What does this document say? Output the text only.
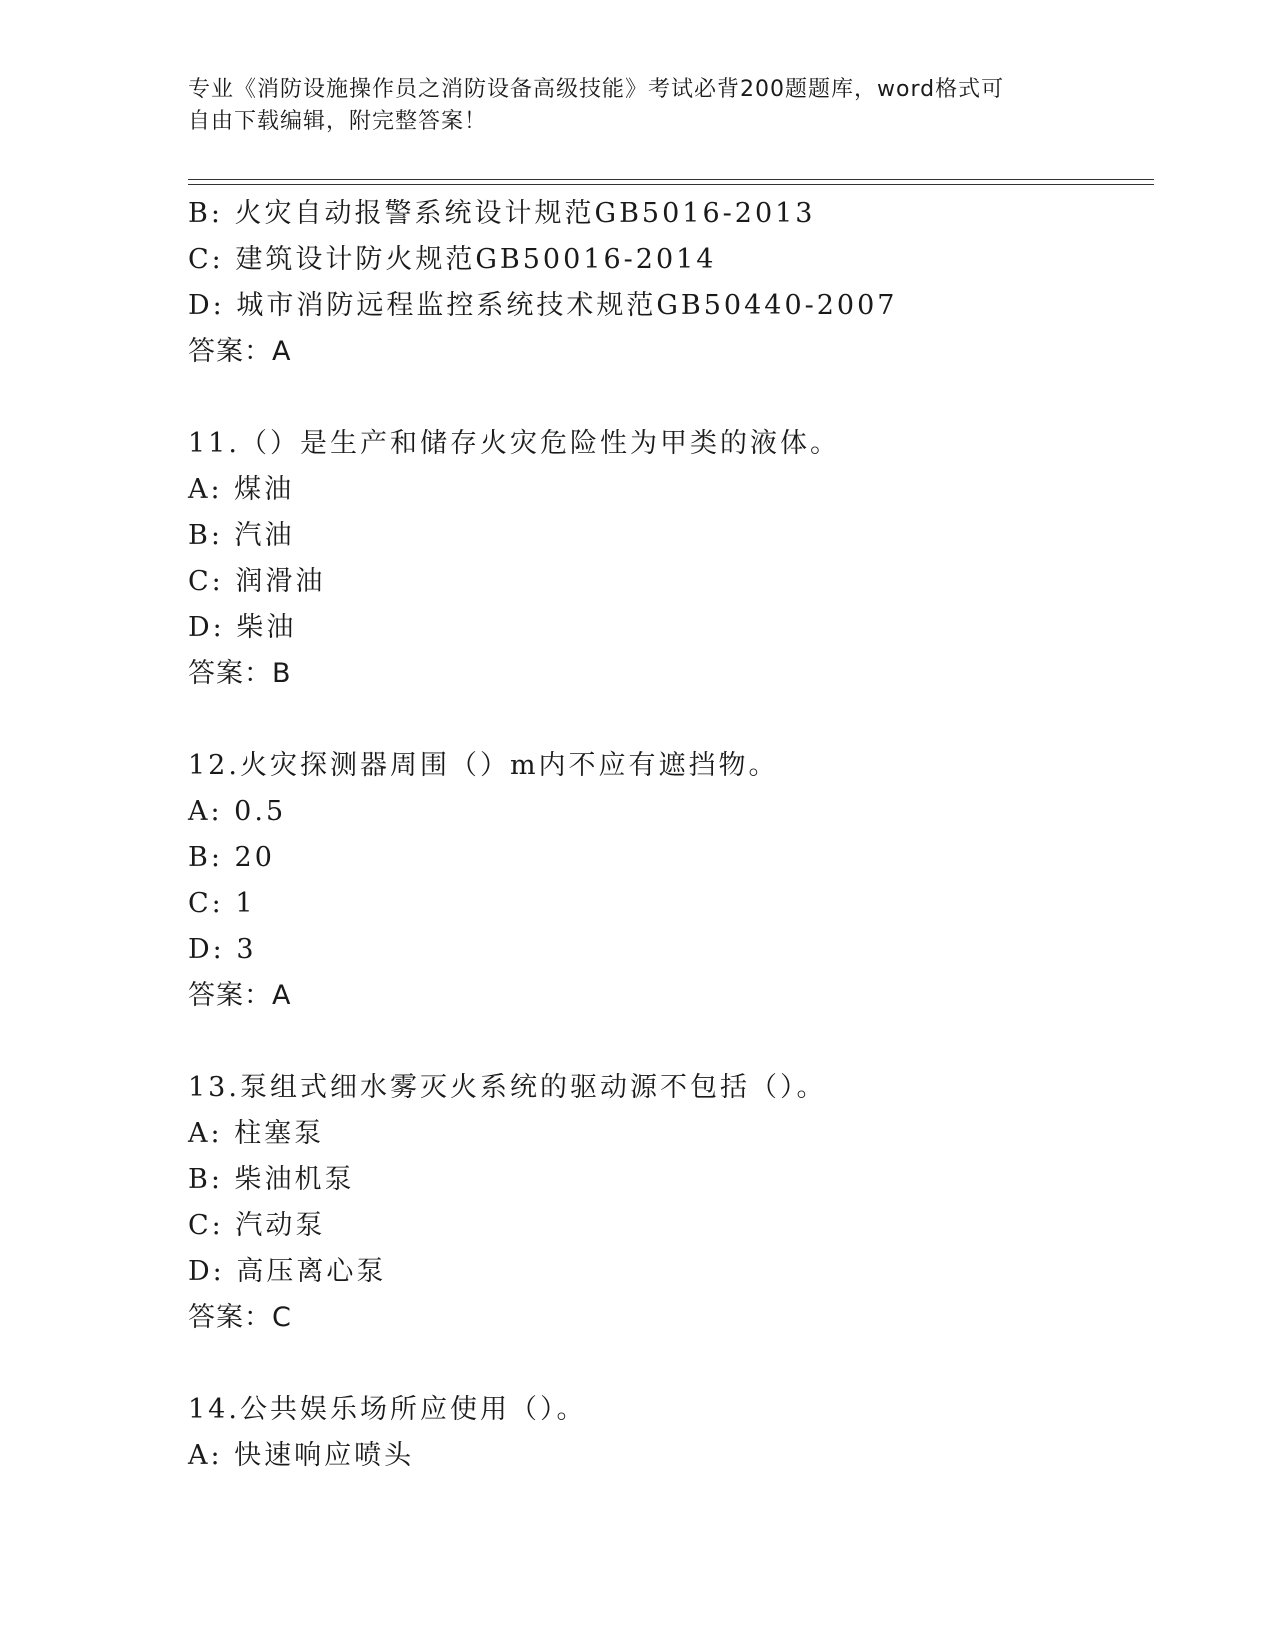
专业《消防设施操作员之消防设备高级技能》考试必背200题题库，word格式可
自由下载编辑，附完整答案！
B: 火灾自动报警系统设计规范GB5016-2013
C: 建筑设计防火规范GB50016-2014
D: 城市消防远程监控系统技术规范GB50440-2007
答案：A
11.（）是生产和储存火灾危险性为甲类的液体。
A: 煤油
B: 汽油
C: 润滑油
D: 柴油
答案：B
12.火灾探测器周围（）m内不应有遮挡物。
A: 0.5
B: 20
C: 1
D: 3
答案：A
13.泵组式细水雾灭火系统的驱动源不包括（）。
A: 柱塞泵
B: 柴油机泵
C: 汽动泵
D: 高压离心泵
答案：C
14.公共娱乐场所应使用（）。
A: 快速响应喷头
